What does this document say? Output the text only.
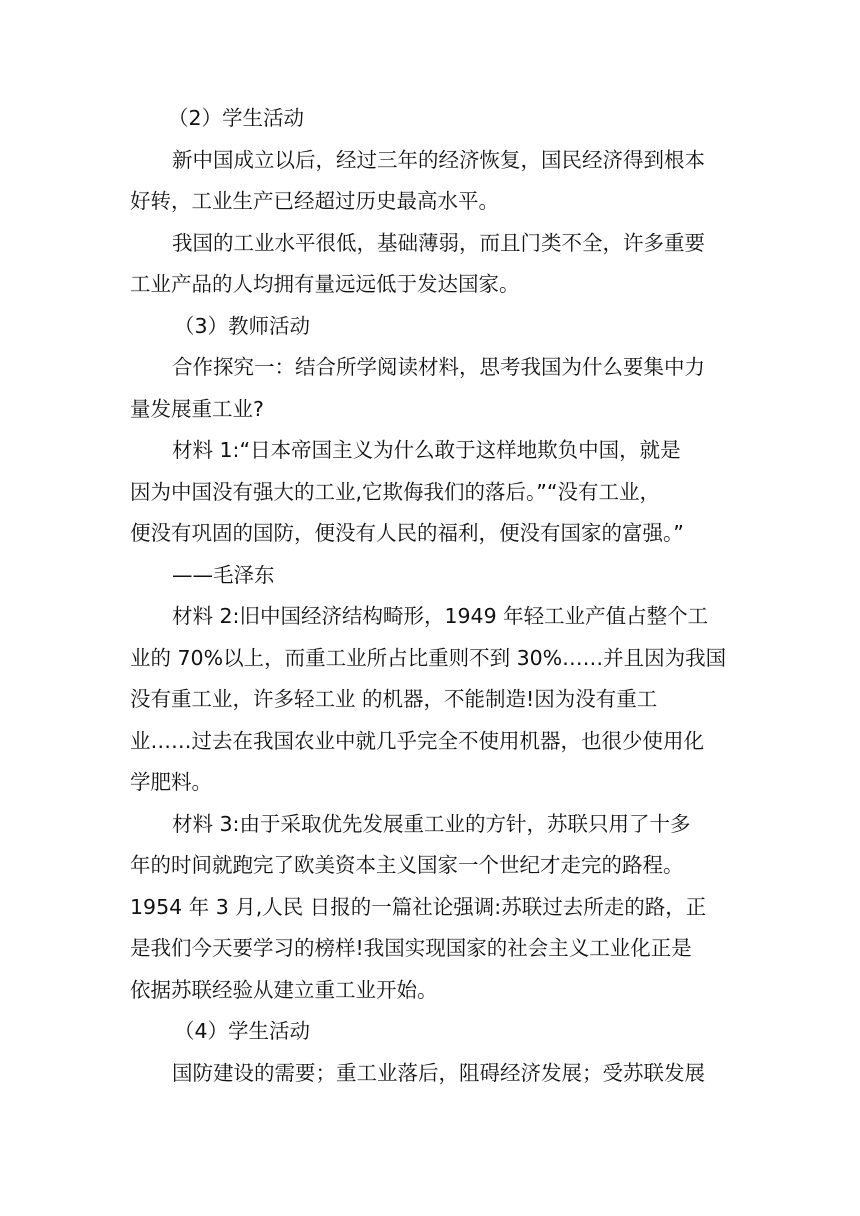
（2）学生活动
新中国成立以后，经过三年的经济恢复，国民经济得到根本
好转，工业生产已经超过历史最高水平。
我国的工业水平很低，基础薄弱，而且门类不全，许多重要
工业产品的人均拥有量远远低于发达国家。
（3）教师活动
合作探究一：结合所学阅读材料，思考我国为什么要集中力
量发展重工业?
材料 1:“日本帝国主义为什么敢于这样地欺负中国，就是
因为中国没有强大的工业,它欺侮我们的落后。”“没有工业，
便没有巩固的国防，便没有人民的福利，便没有国家的富强。”
——毛泽东
材料 2:旧中国经济结构畸形，1949 年轻工业产值占整个工
业的 70%以上，而重工业所占比重则不到 30%……并且因为我国
没有重工业，许多轻工业 的机器，不能制造!因为没有重工
业……过去在我国农业中就几乎完全不使用机器，也很少使用化
学肥料。
材料 3:由于采取优先发展重工业的方针，苏联只用了十多
年的时间就跑完了欧美资本主义国家一个世纪才走完的路程。
1954 年 3 月,人民 日报的一篇社论强调:苏联过去所走的路，正
是我们今天要学习的榜样!我国实现国家的社会主义工业化正是
依据苏联经验从建立重工业开始。
（4）学生活动
国防建设的需要；重工业落后，阻碍经济发展；受苏联发展
